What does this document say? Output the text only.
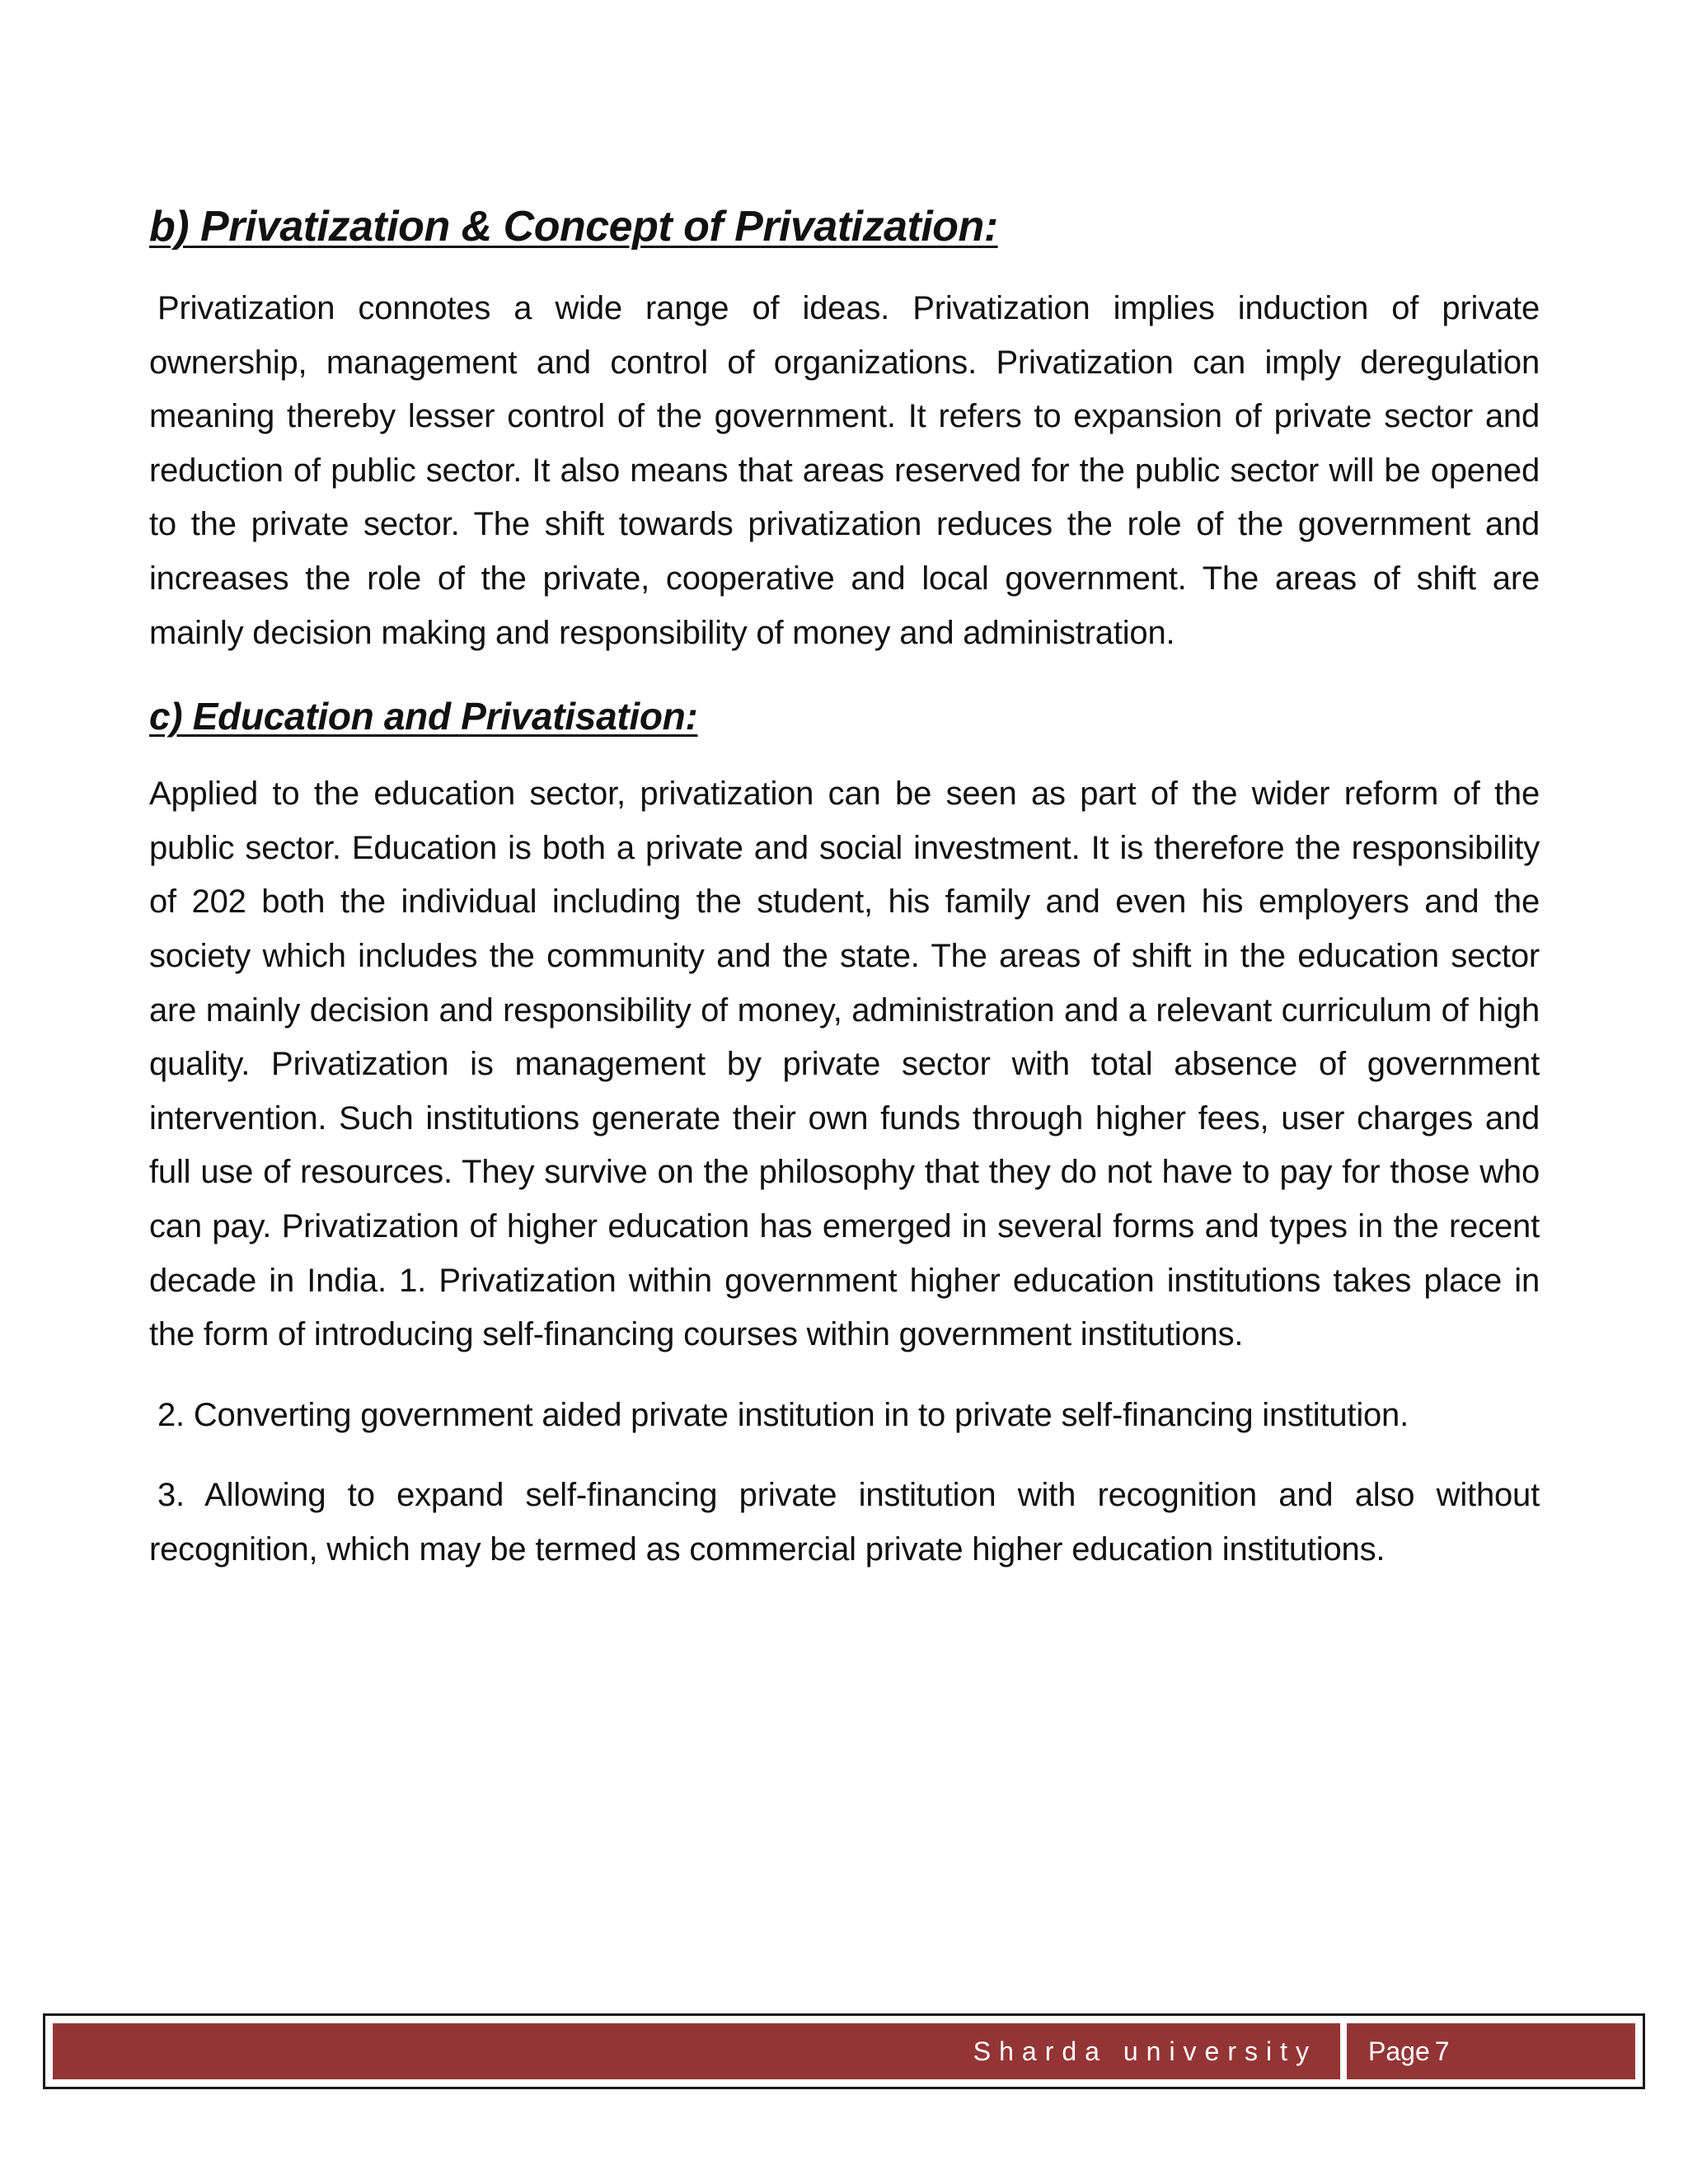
b) Privatization & Concept of Privatization:

Privatization connotes a wide range of ideas. Privatization implies induction of private ownership, management and control of organizations. Privatization can imply deregulation meaning thereby lesser control of the government. It refers to expansion of private sector and reduction of public sector. It also means that areas reserved for the public sector will be opened to the private sector. The shift towards privatization reduces the role of the government and increases the role of the private, cooperative and local government. The areas of shift are mainly decision making and responsibility of money and administration.

c) Education and Privatisation:

Applied to the education sector, privatization can be seen as part of the wider reform of the public sector. Education is both a private and social investment. It is therefore the responsibility of 202 both the individual including the student, his family and even his employers and the society which includes the community and the state. The areas of shift in the education sector are mainly decision and responsibility of money, administration and a relevant curriculum of high quality. Privatization is management by private sector with total absence of government intervention. Such institutions generate their own funds through higher fees, user charges and full use of resources. They survive on the philosophy that they do not have to pay for those who can pay. Privatization of higher education has emerged in several forms and types in the recent decade in India. 1. Privatization within government higher education institutions takes place in the form of introducing self-financing courses within government institutions.

2. Converting government aided private institution in to private self-financing institution.

3. Allowing to expand self-financing private institution with recognition and also without recognition, which may be termed as commercial private higher education institutions.

Sharda university Page 7
